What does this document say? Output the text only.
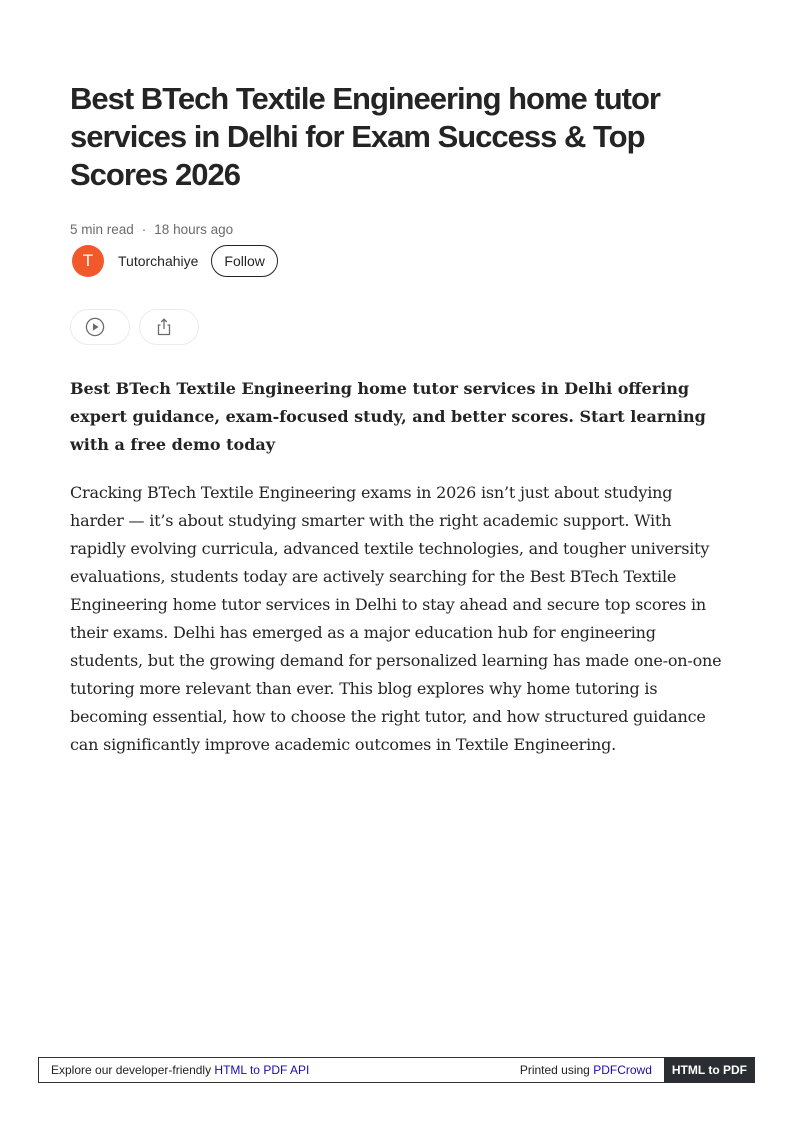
Best BTech Textile Engineering home tutor services in Delhi for Exam Success & Top Scores 2026
5 min read · 18 hours ago
T Tutorchahiye	Follow

Best BTech Textile Engineering home tutor services in Delhi offering expert guidance, exam-focused study, and better scores. Start learning with a free demo today

Cracking BTech Textile Engineering exams in 2026 isn’t just about studying harder — it’s about studying smarter with the right academic support. With rapidly evolving curricula, advanced textile technologies, and tougher university evaluations, students today are actively searching for the Best BTech Textile Engineering home tutor services in Delhi to stay ahead and secure top scores in their exams. Delhi has emerged as a major education hub for engineering students, but the growing demand for personalized learning has made one-on-one tutoring more relevant than ever. This blog explores why home tutoring is becoming essential, how to choose the right tutor, and how structured guidance can significantly improve academic outcomes in Textile Engineering.

Explore our developer-friendly HTML to PDF API	Printed using PDFCrowd	HTML to PDF
